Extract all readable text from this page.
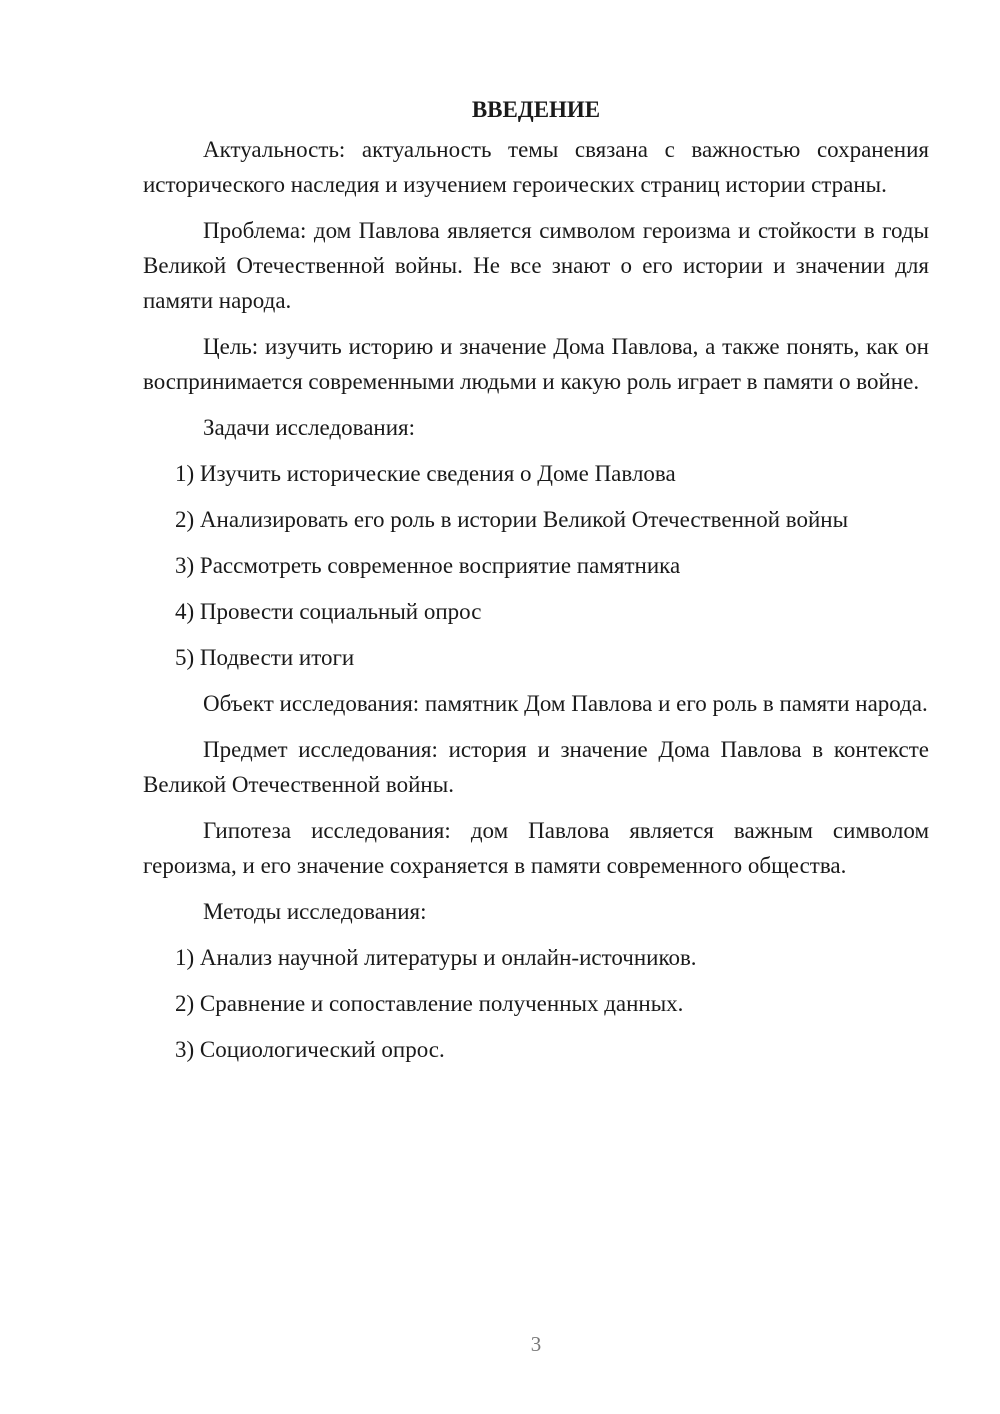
ВВЕДЕНИЕ
Актуальность: актуальность темы связана с важностью сохранения исторического наследия и изучением героических страниц истории страны.
Проблема: дом Павлова является символом героизма и стойкости в годы Великой Отечественной войны. Не все знают о его истории и значении для памяти народа.
Цель: изучить историю и значение Дома Павлова, а также понять, как он воспринимается современными людьми и какую роль играет в памяти о войне.
Задачи исследования:
1) Изучить исторические сведения о Доме Павлова
2) Анализировать его роль в истории Великой Отечественной войны
3) Рассмотреть современное восприятие памятника
4) Провести социальный опрос
5) Подвести итоги
Объект исследования: памятник Дом Павлова и его роль в памяти народа.
Предмет исследования: история и значение Дома Павлова в контексте Великой Отечественной войны.
Гипотеза исследования: дом Павлова является важным символом героизма, и его значение сохраняется в памяти современного общества.
Методы исследования:
1) Анализ научной литературы и онлайн-источников.
2) Сравнение и сопоставление полученных данных.
3) Социологический опрос.
3
